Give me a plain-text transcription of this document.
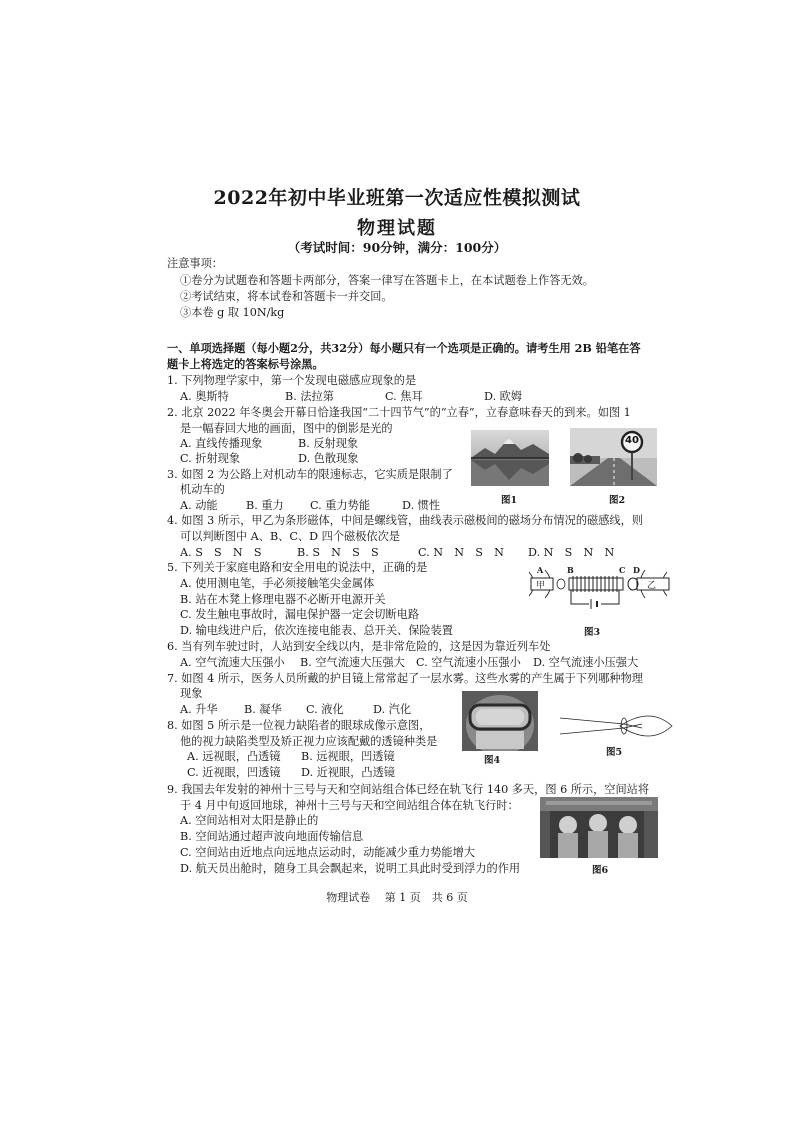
2022年初中毕业班第一次适应性模拟测试
物理试题
（考试时间：90分钟，满分：100分）
注意事项：
①卷分为试题卷和答题卡两部分，答案一律写在答题卡上，在本试题卷上作答无效。
②考试结束，将本试卷和答题卡一并交回。
③本卷 g 取 10N/kg
一、单项选择题（每小题2分，共32分）每小题只有一个选项是正确的。请考生用 2B 铅笔在答
题卡上将选定的答案标号涂黑。
1. 下列物理学家中，第一个发现电磁感应现象的是
A. 奥斯特	B. 法拉第	C. 焦耳	D. 欧姆
2. 北京 2022 年冬奥会开幕日恰逢我国“二十四节气”的“立春”，立春意味春天的到来。如图 1
是一幅春回大地的画面，图中的倒影是光的
A. 直线传播现象	B. 反射现象
C. 折射现象	D. 色散现象
3. 如图 2 为公路上对机动车的限速标志，它实质是限制了
机动车的
A. 动能	B. 重力 C. 重力势能	D. 惯性	图1
40
图2
4. 如图 3 所示，甲乙为条形磁体，中间是螺线管，曲线表示磁极间的磁场分布情况的磁感线，则
可以判断图中 A、B、C、D 四个磁极依次是
A. S　S　N　S	B. S　N　S　S	C. N　N　S　N D. N　S　N　N
5. 下列关于家庭电路和安全用电的说法中，正确的是
A. 使用测电笔，手必须接触笔尖金属体
B. 站在木凳上修理电器不必断开电源开关
C. 发生触电事故时，漏电保护器一定会切断电路
D. 输电线进户后，依次连接电能表、总开关、保险装置
A	B	C D
甲	乙
图3
6. 当有列车驶过时，人站到安全线以内，是非常危险的，这是因为靠近列车处
A. 空气流速大压强小 B. 空气流速大压强大 C. 空气流速小压强小 D. 空气流速小压强大
7. 如图 4 所示，医务人员所戴的护目镜上常常起了一层水雾。这些水雾的产生属于下列哪种物理
现象
A. 升华 B. 凝华 C. 液化	D. 汽化
8. 如图 5 所示是一位视力缺陷者的眼球成像示意图，
他的视力缺陷类型及矫正视力应该配戴的透镜种类是
A. 远视眼，凸透镜 B. 远视眼，凹透镜
C. 近视眼，凹透镜 D. 近视眼，凸透镜
图4
图5
9. 我国去年发射的神州十三号与天和空间站组合体已经在轨飞行 140 多天，图 6 所示，空间站将
于 4 月中旬返回地球，神州十三号与天和空间站组合体在轨飞行时：
A. 空间站相对太阳是静止的
B. 空间站通过超声波向地面传输信息
C. 空间站由近地点向远地点运动时，动能减少重力势能增大
D. 航天员出舱时，随身工具会飘起来，说明工具此时受到浮力的作用	图6
物理试卷　 第 1 页　共 6 页
